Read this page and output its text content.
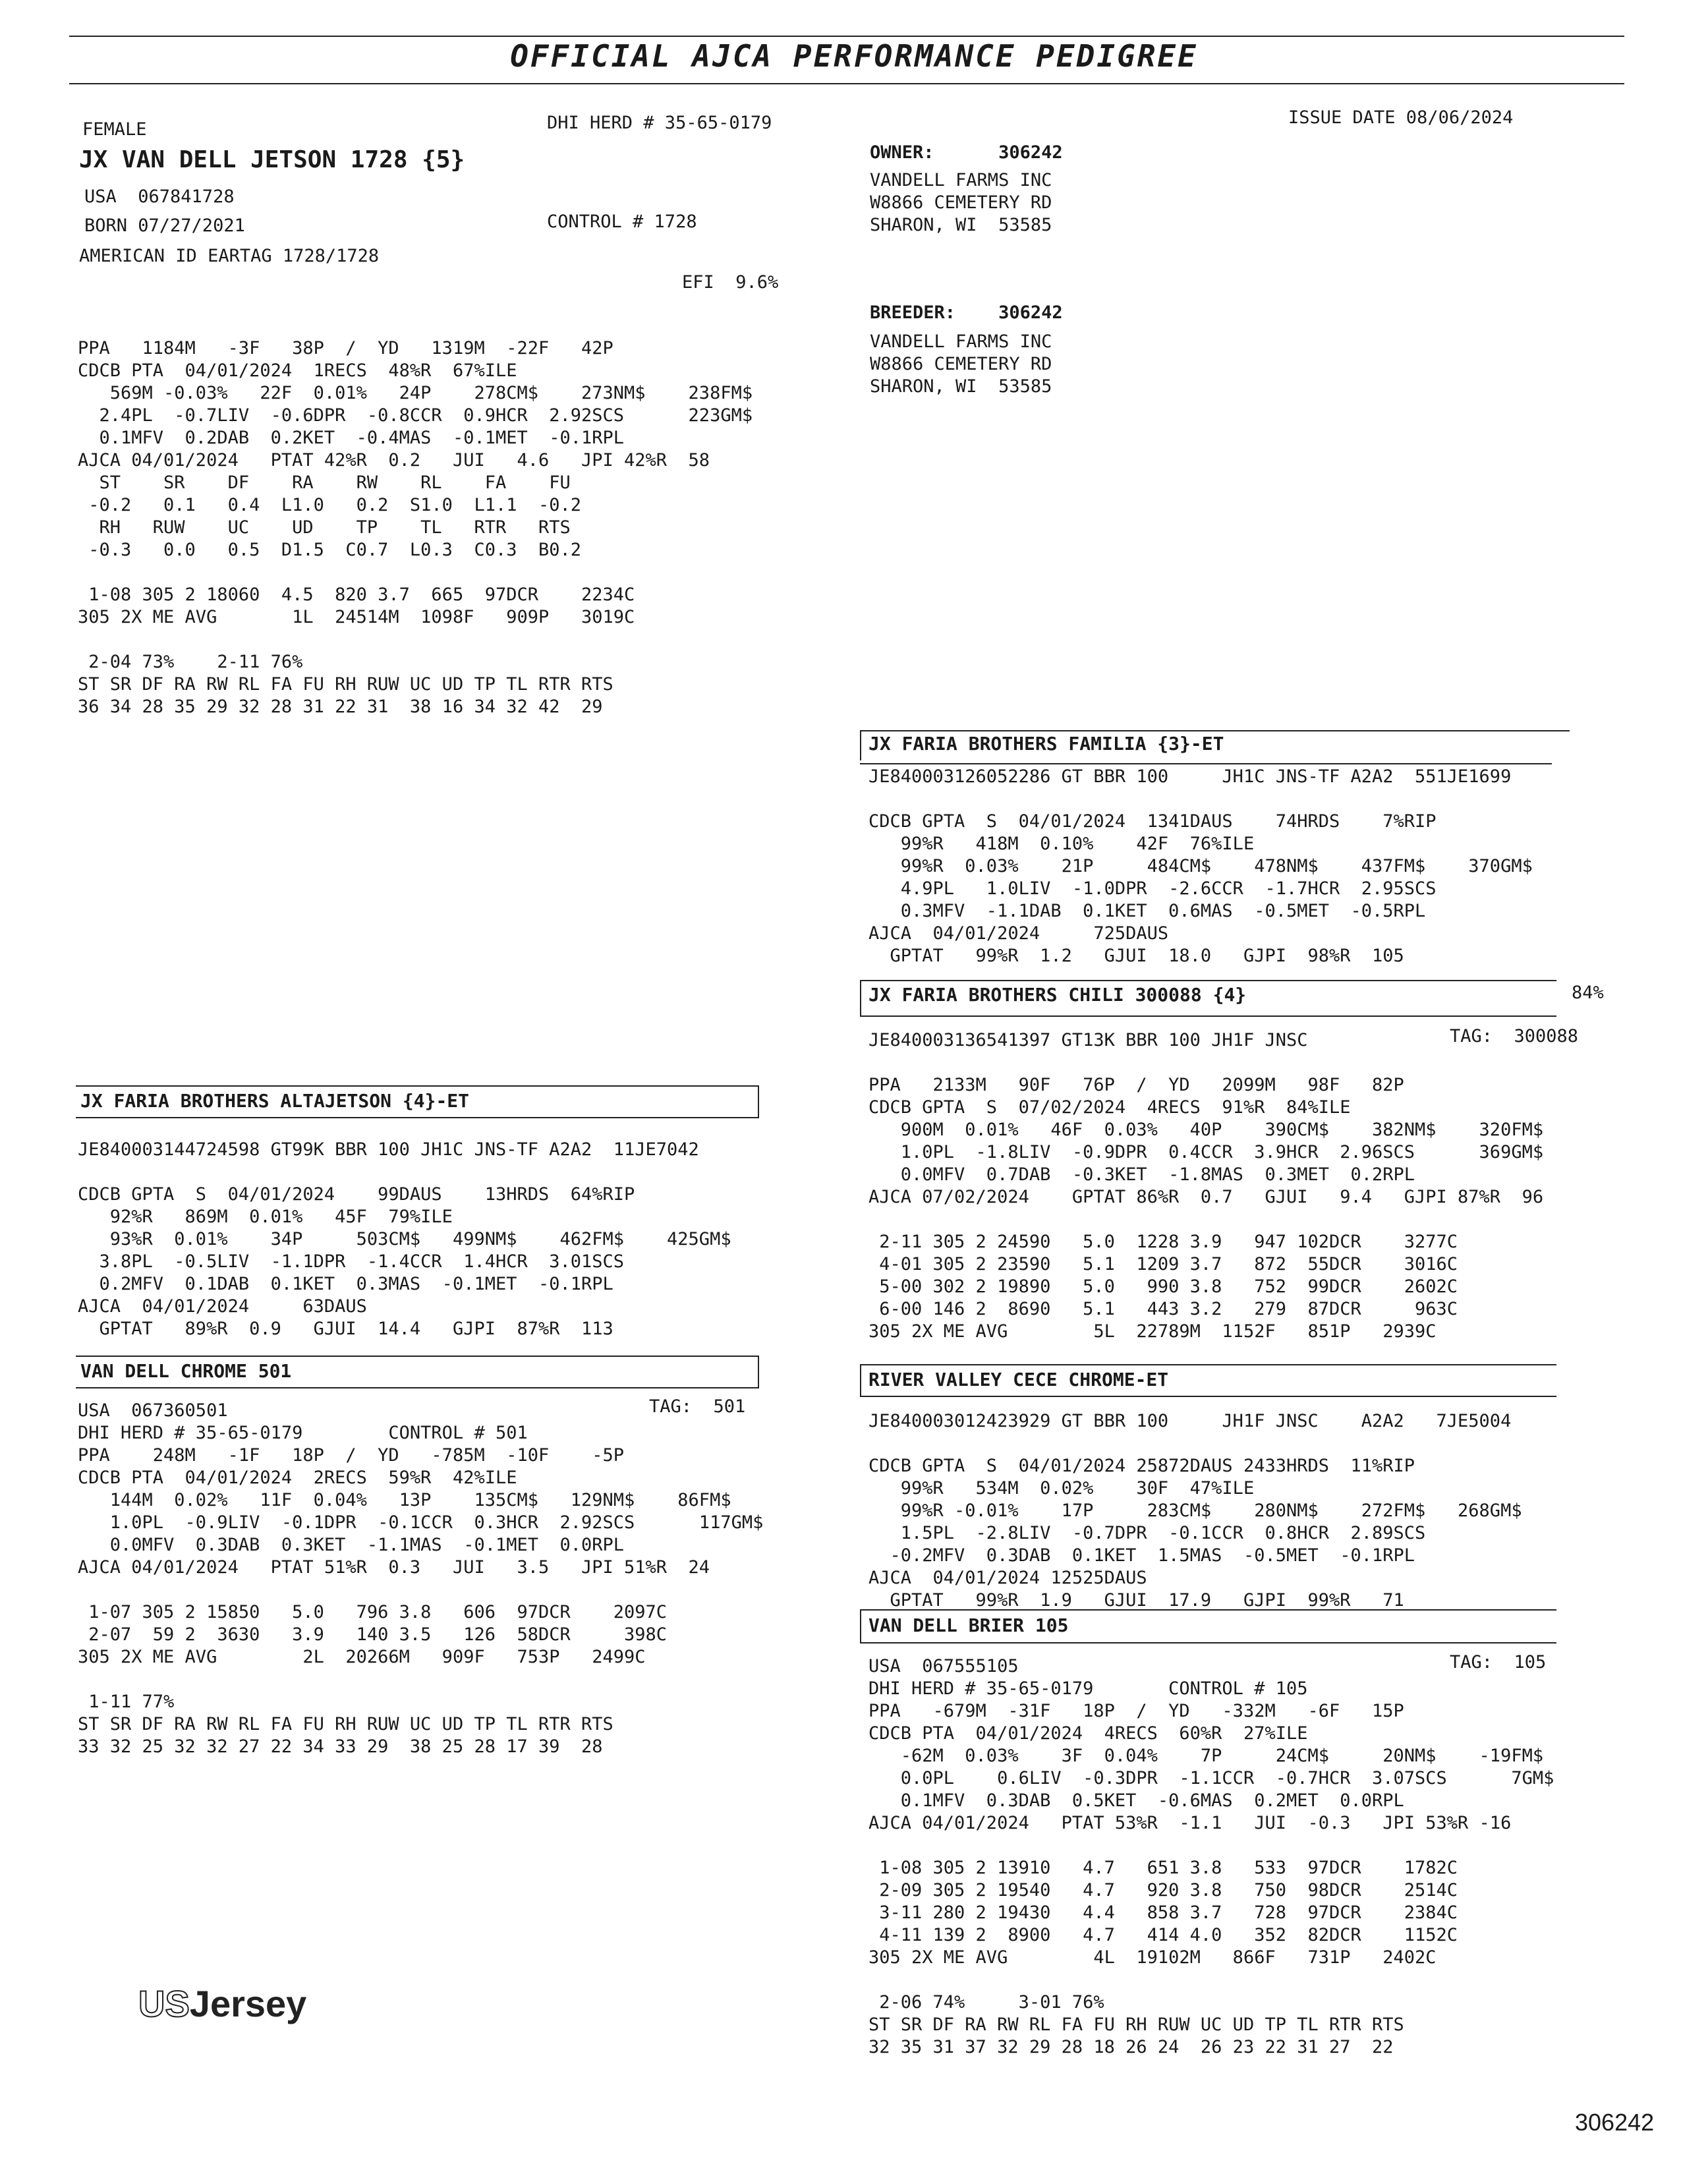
OFFICIAL AJCA PERFORMANCE PEDIGREE
FEMALE	DHI HERD # 35-65-0179	ISSUE DATE 08/06/2024
JX VAN DELL JETSON 1728 {5}
USA  067841728
BORN 07/27/2021	CONTROL # 1728
AMERICAN ID EARTAG 1728/1728
EFI  9.6%
PPA   1184M   -3F   38P  /  YD   1319M  -22F   42P
CDCB PTA  04/01/2024  1RECS  48%R  67%ILE
569M -0.03%   22F  0.01%   24P    278CM$    273NM$    238FM$
2.4PL  -0.7LIV  -0.6DPR  -0.8CCR  0.9HCR  2.92SCS      223GM$
0.1MFV  0.2DAB  0.2KET  -0.4MAS  -0.1MET  -0.1RPL
AJCA 04/01/2024   PTAT 42%R  0.2   JUI   4.6   JPI 42%R  58
ST    SR    DF    RA    RW    RL    FA    FU
-0.2   0.1   0.4  L1.0   0.2  S1.0  L1.1  -0.2
RH   RUW    UC    UD    TP    TL   RTR   RTS
-0.3   0.0   0.5  D1.5  C0.7  L0.3  C0.3  B0.2

1-08 305 2 18060  4.5  820 3.7  665  97DCR    2234C
305 2X ME AVG       1L  24514M  1098F   909P   3019C

2-04 73%    2-11 76%
ST SR DF RA RW RL FA FU RH RUW UC UD TP TL RTR RTS
36 34 28 35 29 32 28 31 22 31  38 16 34 32 42  29
OWNER:	306242
VANDELL FARMS INC
W8866 CEMETERY RD
SHARON, WI  53585
BREEDER: 306242
VANDELL FARMS INC
W8866 CEMETERY RD
SHARON, WI  53585
JX FARIA BROTHERS ALTAJETSON {4}-ET
JE840003144724598 GT99K BBR 100 JH1C JNS-TF A2A2  11JE7042

CDCB GPTA  S  04/01/2024    99DAUS    13HRDS  64%RIP
92%R   869M  0.01%   45F  79%ILE
93%R  0.01%    34P     503CM$   499NM$    462FM$    425GM$
3.8PL  -0.5LIV  -1.1DPR  -1.4CCR  1.4HCR  3.01SCS
0.2MFV  0.1DAB  0.1KET  0.3MAS  -0.1MET  -0.1RPL
AJCA  04/01/2024     63DAUS
GPTAT   89%R  0.9   GJUI  14.4   GJPI  87%R  113
VAN DELL CHROME 501
TAG:  501
USA  067360501
DHI HERD # 35-65-0179        CONTROL # 501
PPA    248M   -1F   18P  /  YD   -785M  -10F    -5P
CDCB PTA  04/01/2024  2RECS  59%R  42%ILE
144M  0.02%   11F  0.04%   13P    135CM$   129NM$    86FM$
1.0PL  -0.9LIV  -0.1DPR  -0.1CCR  0.3HCR  2.92SCS      117GM$
0.0MFV  0.3DAB  0.3KET  -1.1MAS  -0.1MET  0.0RPL
AJCA 04/01/2024   PTAT 51%R  0.3   JUI   3.5   JPI 51%R  24

1-07 305 2 15850   5.0   796 3.8   606  97DCR    2097C
2-07  59 2  3630   3.9   140 3.5   126  58DCR     398C
305 2X ME AVG        2L  20266M   909F   753P   2499C

1-11 77%
ST SR DF RA RW RL FA FU RH RUW UC UD TP TL RTR RTS
33 32 25 32 32 27 22 34 33 29  38 25 28 17 39  28
JX FARIA BROTHERS FAMILIA {3}-ET
JE840003126052286 GT BBR 100     JH1C JNS-TF A2A2  551JE1699

CDCB GPTA  S  04/01/2024  1341DAUS    74HRDS    7%RIP
99%R   418M  0.10%    42F  76%ILE
99%R  0.03%    21P     484CM$    478NM$    437FM$    370GM$
4.9PL   1.0LIV  -1.0DPR  -2.6CCR  -1.7HCR  2.95SCS
0.3MFV  -1.1DAB  0.1KET  0.6MAS  -0.5MET  -0.5RPL
AJCA  04/01/2024     725DAUS
GPTAT   99%R  1.2   GJUI  18.0   GJPI  98%R  105
JX FARIA BROTHERS CHILI 300088 {4}	84%
TAG:  300088
JE840003136541397 GT13K BBR 100 JH1F JNSC

PPA   2133M   90F   76P  /  YD   2099M   98F   82P
CDCB GPTA  S  07/02/2024  4RECS  91%R  84%ILE
900M  0.01%   46F  0.03%   40P    390CM$    382NM$    320FM$
1.0PL  -1.8LIV  -0.9DPR  0.4CCR  3.9HCR  2.96SCS      369GM$
0.0MFV  0.7DAB  -0.3KET  -1.8MAS  0.3MET  0.2RPL
AJCA 07/02/2024    GPTAT 86%R  0.7   GJUI   9.4   GJPI 87%R  96

2-11 305 2 24590   5.0  1228 3.9   947 102DCR    3277C
4-01 305 2 23590   5.1  1209 3.7   872  55DCR    3016C
5-00 302 2 19890   5.0   990 3.8   752  99DCR    2602C
6-00 146 2  8690   5.1   443 3.2   279  87DCR     963C
305 2X ME AVG        5L  22789M  1152F   851P   2939C
RIVER VALLEY CECE CHROME-ET
JE840003012423929 GT BBR 100     JH1F JNSC    A2A2   7JE5004

CDCB GPTA  S  04/01/2024 25872DAUS 2433HRDS  11%RIP
99%R   534M  0.02%    30F  47%ILE
99%R -0.01%    17P     283CM$    280NM$    272FM$   268GM$
1.5PL  -2.8LIV  -0.7DPR  -0.1CCR  0.8HCR  2.89SCS
-0.2MFV  0.3DAB  0.1KET  1.5MAS  -0.5MET  -0.1RPL
AJCA  04/01/2024 12525DAUS
GPTAT   99%R  1.9   GJUI  17.9   GJPI  99%R   71
VAN DELL BRIER 105
TAG:  105
USA  067555105
DHI HERD # 35-65-0179       CONTROL # 105
PPA   -679M  -31F   18P  /  YD   -332M   -6F   15P
CDCB PTA  04/01/2024  4RECS  60%R  27%ILE
-62M  0.03%    3F  0.04%    7P     24CM$     20NM$    -19FM$
0.0PL    0.6LIV  -0.3DPR  -1.1CCR  -0.7HCR  3.07SCS      7GM$
0.1MFV  0.3DAB  0.5KET  -0.6MAS  0.2MET  0.0RPL
AJCA 04/01/2024   PTAT 53%R  -1.1   JUI  -0.3   JPI 53%R -16

1-08 305 2 13910   4.7   651 3.8   533  97DCR    1782C
2-09 305 2 19540   4.7   920 3.8   750  98DCR    2514C
3-11 280 2 19430   4.4   858 3.7   728  97DCR    2384C
4-11 139 2  8900   4.7   414 4.0   352  82DCR    1152C
305 2X ME AVG        4L  19102M   866F   731P   2402C

2-06 74%     3-01 76%
ST SR DF RA RW RL FA FU RH RUW UC UD TP TL RTR RTS
32 35 31 37 32 29 28 18 26 24  26 23 22 31 27  22
USJersey
306242
